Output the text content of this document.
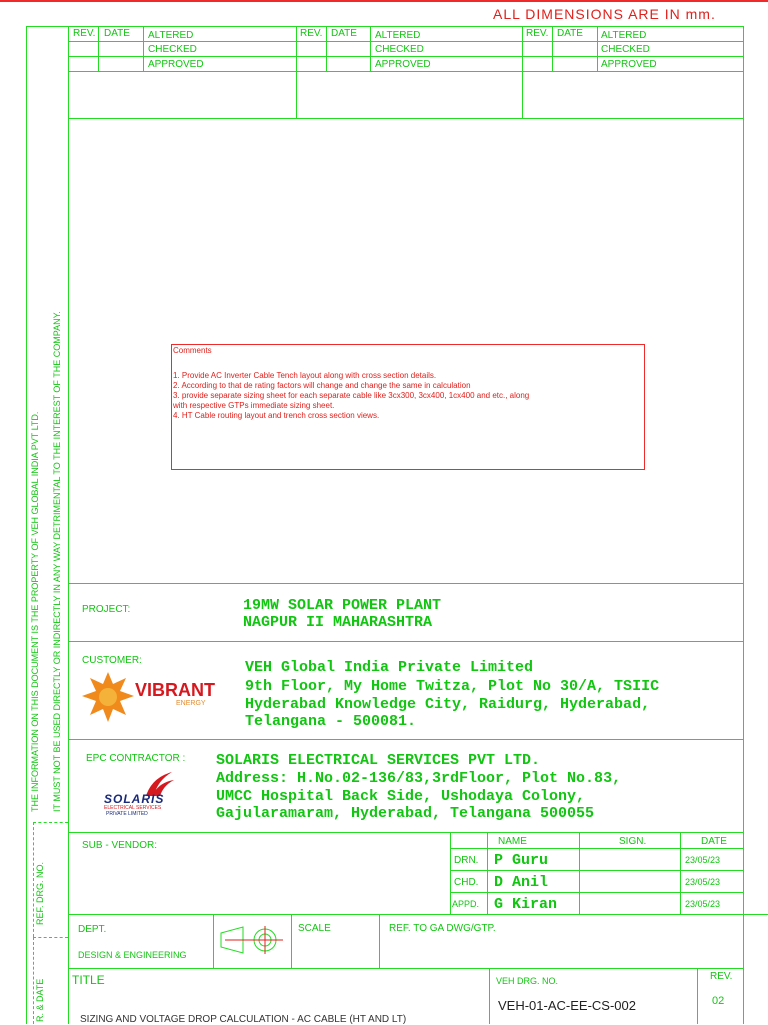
ALL DIMENSIONS ARE IN mm.
REV. DATE ALTERED
CHECKED
APPROVED
REV. DATE ALTERED
CHECKED
APPROVED
REV. DATE ALTERED
CHECKED
APPROVED
THE INFORMATION ON THIS DOCUMENT IS THE PROPERTY OF VEH GLOBAL INDIA PVT LTD. IT MUST NOT BE USED DIRECTLY OR INDIRECTLY IN ANY WAY DETRIMENTAL TO THE INTEREST OF THE COMPANY.
REF. DRG. NO.
R. & DATE
Comments
1. Provide AC Inverter Cable Tench layout along with cross section details.
2. According to that de rating factors will change and change the same in calculation
3. provide separate sizing sheet for each separate cable like 3cx300, 3cx400, 1cx400 and etc., along
with respective GTPs immediate sizing sheet.
4. HT Cable routing layout and trench cross section views.
PROJECT:	19MW SOLAR POWER PLANT
NAGPUR II MAHARASHTRA
CUSTOMER:
VIBRANT
ENERGY
VEH Global India Private Limited
9th Floor, My Home Twitza, Plot No 30/A, TSIIC
Hyderabad Knowledge City, Raidurg, Hyderabad,
Telangana - 500081.
EPC CONTRACTOR :
SOLARIS
ELECTRICAL SERVICES
PRIVATE LIMITED
SOLARIS ELECTRICAL SERVICES PVT LTD.
Address: H.No.02-136/83,3rdFloor, Plot No.83,
UMCC Hospital Back Side, Ushodaya Colony,
Gajularamaram, Hyderabad, Telangana 500055
SUB - VENDOR:	NAME	SIGN.	DATE
DRN. P Guru	23/05/23
CHD. D Anil	23/05/23
APPD. G Kiran	23/05/23
DEPT.
DESIGN & ENGINEERING
SCALE	REF. TO GA DWG/GTP.
TITLE
SIZING AND VOLTAGE DROP CALCULATION - AC CABLE (HT AND LT)
VEH DRG. NO.
VEH-01-AC-EE-CS-002
REV.
02
